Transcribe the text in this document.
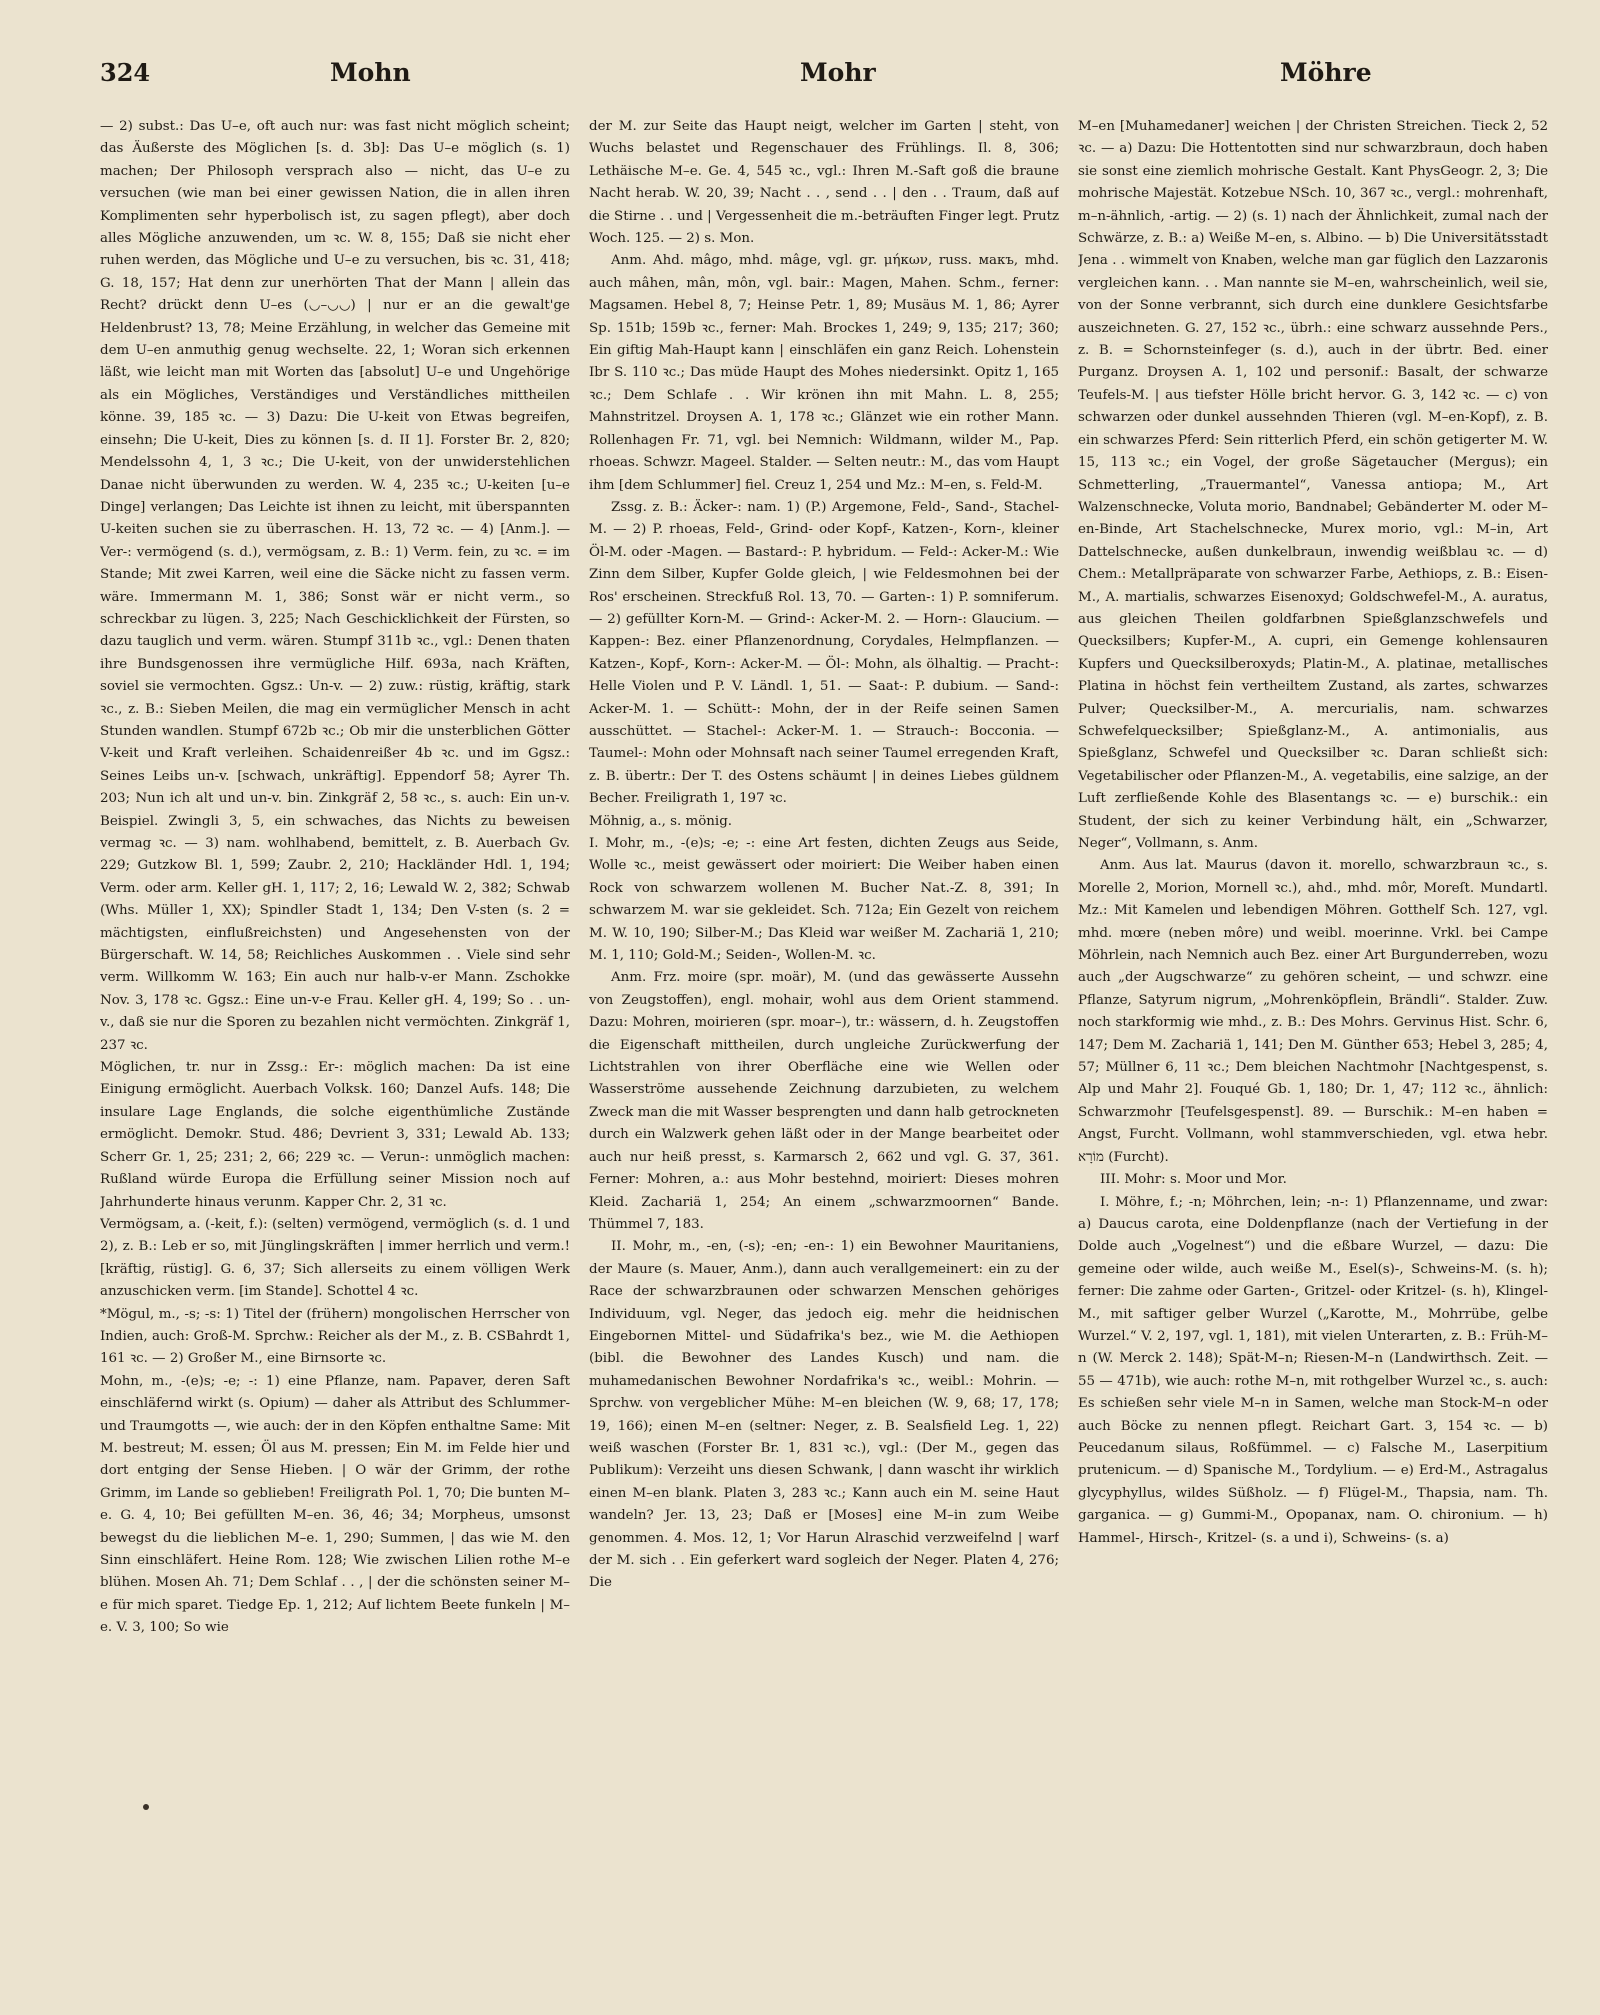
324	Mohn	Mohr	Möhre

— 2) subst.: Das U–e, oft auch nur: was fast nicht möglich scheint; das Äußerste des Möglichen [s. d. 3b]: Das U–e möglich (s. 1) machen; Der Philosoph versprach also — nicht, das U–e zu versuchen (wie man bei einer gewissen Nation, die in allen ihren Komplimenten sehr hyperbolisch ist, zu sagen pflegt), aber doch alles Mögliche anzuwenden, um ꝛc. W. 8, 155; Daß sie nicht eher ruhen werden, das Mögliche und U–e zu versuchen, bis ꝛc. 31, 418; G. 18, 157; Hat denn zur unerhörten That der Mann | allein das Recht? drückt denn U–es (◡–◡◡) | nur er an die gewalt'ge Heldenbrust? 13, 78; Meine Erzählung, in welcher das Gemeine mit dem U–en anmuthig genug wechselte. 22, 1; Woran sich erkennen läßt, wie leicht man mit Worten das [absolut] U–e und Ungehörige als ein Mögliches, Verständiges und Verständliches mittheilen könne. 39, 185 ꝛc. — 3) Dazu: Die U-keit von Etwas begreifen, einsehn; Die U-keit, Dies zu können [s. d. II 1]. Forster Br. 2, 820; Mendelssohn 4, 1, 3 ꝛc.; Die U-keit, von der unwiderstehlichen Danae nicht überwunden zu werden. W. 4, 235 ꝛc.; U-keiten [u–e Dinge] verlangen; Das Leichte ist ihnen zu leicht, mit überspannten U-keiten suchen sie zu überraschen. H. 13, 72 ꝛc. — 4) [Anm.]. — Ver-: vermögend (s. d.), vermögsam, z. B.: 1) Verm. fein, zu ꝛc. = im Stande; Mit zwei Karren, weil eine die Säcke nicht zu fassen verm. wäre. Immermann M. 1, 386; Sonst wär er nicht verm., so schreckbar zu lügen. 3, 225; Nach Geschicklichkeit der Fürsten, so dazu tauglich und verm. wären. Stumpf 311b ꝛc., vgl.: Denen thaten ihre Bundsgenossen ihre vermügliche Hilf. 693a, nach Kräften, soviel sie vermochten. Ggsz.: Un-v. — 2) zuw.: rüstig, kräftig, stark ꝛc., z. B.: Sieben Meilen, die mag ein vermüglicher Mensch in acht Stunden wandlen. Stumpf 672b ꝛc.; Ob mir die unsterblichen Götter V-keit und Kraft verleihen. Schaidenreißer 4b ꝛc. und im Ggsz.: Seines Leibs un-v. [schwach, unkräftig]. Eppendorf 58; Ayrer Th. 203; Nun ich alt und un-v. bin. Zinkgräf 2, 58 ꝛc., s. auch: Ein un-v. Beispiel. Zwingli 3, 5, ein schwaches, das Nichts zu beweisen vermag ꝛc. — 3) nam. wohlhabend, bemittelt, z. B. Auerbach Gv. 229; Gutzkow Bl. 1, 599; Zaubr. 2, 210; Hackländer Hdl. 1, 194; Verm. oder arm. Keller gH. 1, 117; 2, 16; Lewald W. 2, 382; Schwab (Whs. Müller 1, XX); Spindler Stadt 1, 134; Den V-sten (s. 2 = mächtigsten, einflußreichsten) und Angesehensten von der Bürgerschaft. W. 14, 58; Reichliches Auskommen . . Viele sind sehr verm. Willkomm W. 163; Ein auch nur halb-v-er Mann. Zschokke Nov. 3, 178 ꝛc. Ggsz.: Eine un-v-e Frau. Keller gH. 4, 199; So . . un-v., daß sie nur die Sporen zu bezahlen nicht vermöchten. Zinkgräf 1, 237 ꝛc.

Möglichen, tr. nur in Zssg.: Er-: möglich machen: Da ist eine Einigung ermöglicht. Auerbach Volksk. 160; Danzel Aufs. 148; Die insulare Lage Englands, die solche eigenthümliche Zustände ermöglicht. Demokr. Stud. 486; Devrient 3, 331; Lewald Ab. 133; Scherr Gr. 1, 25; 231; 2, 66; 229 ꝛc. — Verun-: unmöglich machen: Rußland würde Europa die Erfüllung seiner Mission noch auf Jahrhunderte hinaus verunm. Kapper Chr. 2, 31 ꝛc.

Vermögsam, a. (-keit, f.): (selten) vermögend, vermöglich (s. d. 1 und 2), z. B.: Leb er so, mit Jünglingskräften | immer herrlich und verm.! [kräftig, rüstig]. G. 6, 37; Sich allerseits zu einem völligen Werk anzuschicken verm. [im Stande]. Schottel 4 ꝛc.

*Mögul, m., -s; -s: 1) Titel der (frühern) mongolischen Herrscher von Indien, auch: Groß-M. Sprchw.: Reicher als der M., z. B. CSBahrdt 1, 161 ꝛc. — 2) Großer M., eine Birnsorte ꝛc.

Mohn, m., -(e)s; -e; -: 1) eine Pflanze, nam. Papaver, deren Saft einschläfernd wirkt (s. Opium) — daher als Attribut des Schlummer- und Traumgotts —, wie auch: der in den Köpfen enthaltne Same: Mit M. bestreut; M. essen; Öl aus M. pressen; Ein M. im Felde hier und dort entging der Sense Hieben. | O wär der Grimm, der rothe Grimm, im Lande so geblieben! Freiligrath Pol. 1, 70; Die bunten M–e. G. 4, 10; Bei gefüllten M–en. 36, 46; 34; Morpheus, umsonst bewegst du die lieblichen M–e. 1, 290; Summen, | das wie M. den Sinn einschläfert. Heine Rom. 128; Wie zwischen Lilien rothe M–e blühen. Mosen Ah. 71; Dem Schlaf . . , | der die schönsten seiner M–e für mich sparet. Tiedge Ep. 1, 212; Auf lichtem Beete funkeln | M–e. V. 3, 100; So wie

der M. zur Seite das Haupt neigt, welcher im Garten | steht, von Wuchs belastet und Regenschauer des Frühlings. Il. 8, 306; Lethäische M–e. Ge. 4, 545 ꝛc., vgl.: Ihren M.-Saft goß die braune Nacht herab. W. 20, 39; Nacht . . , send . . | den . . Traum, daß auf die Stirne . . und | Vergessenheit die m.-beträuften Finger legt. Prutz Woch. 125. — 2) s. Mon.

Anm. Ahd. mâgo, mhd. mâge, vgl. gr. μήκων, russ. макъ, mhd. auch mâhen, mân, môn, vgl. bair.: Magen, Mahen. Schm., ferner: Magsamen. Hebel 8, 7; Heinse Petr. 1, 89; Musäus M. 1, 86; Ayrer Sp. 151b; 159b ꝛc., ferner: Mah. Brockes 1, 249; 9, 135; 217; 360; Ein giftig Mah-Haupt kann | einschläfen ein ganz Reich. Lohenstein Ibr S. 110 ꝛc.; Das müde Haupt des Mohes niedersinkt. Opitz 1, 165 ꝛc.; Dem Schlafe . . Wir krönen ihn mit Mahn. L. 8, 255; Mahnstritzel. Droysen A. 1, 178 ꝛc.; Glänzet wie ein rother Mann. Rollenhagen Fr. 71, vgl. bei Nemnich: Wildmann, wilder M., Pap. rhoeas. Schwzr. Mageel. Stalder. — Selten neutr.: M., das vom Haupt ihm [dem Schlummer] fiel. Creuz 1, 254 und Mz.: M–en, s. Feld-M.

Zssg. z. B.: Äcker-: nam. 1) (P.) Argemone, Feld-, Sand-, Stachel-M. — 2) P. rhoeas, Feld-, Grind- oder Kopf-, Katzen-, Korn-, kleiner Öl-M. oder -Magen. — Bastard-: P. hybridum. — Feld-: Acker-M.: Wie Zinn dem Silber, Kupfer Golde gleich, | wie Feldesmohnen bei der Ros' erscheinen. Streckfuß Rol. 13, 70. — Garten-: 1) P. somniferum. — 2) gefüllter Korn-M. — Grind-: Acker-M. 2. — Horn-: Glaucium. — Kappen-: Bez. einer Pflanzenordnung, Corydales, Helmpflanzen. — Katzen-, Kopf-, Korn-: Acker-M. — Öl-: Mohn, als ölhaltig. — Pracht-: Helle Violen und P. V. Ländl. 1, 51. — Saat-: P. dubium. — Sand-: Acker-M. 1. — Schütt-: Mohn, der in der Reife seinen Samen ausschüttet. — Stachel-: Acker-M. 1. — Strauch-: Bocconia. — Taumel-: Mohn oder Mohnsaft nach seiner Taumel erregenden Kraft, z. B. übertr.: Der T. des Ostens schäumt | in deines Liebes güldnem Becher. Freiligrath 1, 197 ꝛc.

Möhnig, a., s. mönig.

I. Mohr, m., -(e)s; -e; -: eine Art festen, dichten Zeugs aus Seide, Wolle ꝛc., meist gewässert oder moiriert: Die Weiber haben einen Rock von schwarzem wollenen M. Bucher Nat.-Z. 8, 391; In schwarzem M. war sie gekleidet. Sch. 712a; Ein Gezelt von reichem M. W. 10, 190; Silber-M.; Das Kleid war weißer M. Zachariä 1, 210; M. 1, 110; Gold-M.; Seiden-, Wollen-M. ꝛc.

Anm. Frz. moire (spr. moär), M. (und das gewässerte Aussehn von Zeugstoffen), engl. mohair, wohl aus dem Orient stammend. Dazu: Mohren, moirieren (spr. moar–), tr.: wässern, d. h. Zeugstoffen die Eigenschaft mittheilen, durch ungleiche Zurückwerfung der Lichtstrahlen von ihrer Oberfläche eine wie Wellen oder Wasserströme aussehende Zeichnung darzubieten, zu welchem Zweck man die mit Wasser besprengten und dann halb getrockneten durch ein Walzwerk gehen läßt oder in der Mange bearbeitet oder auch nur heiß presst, s. Karmarsch 2, 662 und vgl. G. 37, 361. Ferner: Mohren, a.: aus Mohr bestehnd, moiriert: Dieses mohren Kleid. Zachariä 1, 254; An einem „schwarzmoornen“ Bande. Thümmel 7, 183.

II. Mohr, m., -en, (-s); -en; -en-: 1) ein Bewohner Mauritaniens, der Maure (s. Mauer, Anm.), dann auch verallgemeinert: ein zu der Race der schwarzbraunen oder schwarzen Menschen gehöriges Individuum, vgl. Neger, das jedoch eig. mehr die heidnischen Eingebornen Mittel- und Südafrika's bez., wie M. die Aethiopen (bibl. die Bewohner des Landes Kusch) und nam. die muhamedanischen Bewohner Nordafrika's ꝛc., weibl.: Mohrin. — Sprchw. von vergeblicher Mühe: M–en bleichen (W. 9, 68; 17, 178; 19, 166); einen M–en (seltner: Neger, z. B. Sealsfield Leg. 1, 22) weiß waschen (Forster Br. 1, 831 ꝛc.), vgl.: (Der M., gegen das Publikum): Verzeiht uns diesen Schwank, | dann wascht ihr wirklich einen M–en blank. Platen 3, 283 ꝛc.; Kann auch ein M. seine Haut wandeln? Jer. 13, 23; Daß er [Moses] eine M–in zum Weibe genommen. 4. Mos. 12, 1; Vor Harun Alraschid verzweifelnd | warf der M. sich . . Ein geferkert ward sogleich der Neger. Platen 4, 276; Die

M–en [Muhamedaner] weichen | der Christen Streichen. Tieck 2, 52 ꝛc. — a) Dazu: Die Hottentotten sind nur schwarzbraun, doch haben sie sonst eine ziemlich mohrische Gestalt. Kant PhysGeogr. 2, 3; Die mohrische Majestät. Kotzebue NSch. 10, 367 ꝛc., vergl.: mohrenhaft, m–n-ähnlich, -artig. — 2) (s. 1) nach der Ähnlichkeit, zumal nach der Schwärze, z. B.: a) Weiße M–en, s. Albino. — b) Die Universitätsstadt Jena . . wimmelt von Knaben, welche man gar füglich den Lazzaronis vergleichen kann. . . Man nannte sie M–en, wahrscheinlich, weil sie, von der Sonne verbrannt, sich durch eine dunklere Gesichtsfarbe auszeichneten. G. 27, 152 ꝛc., übrh.: eine schwarz aussehnde Pers., z. B. = Schornsteinfeger (s. d.), auch in der übrtr. Bed. einer Purganz. Droysen A. 1, 102 und personif.: Basalt, der schwarze Teufels-M. | aus tiefster Hölle bricht hervor. G. 3, 142 ꝛc. — c) von schwarzen oder dunkel aussehnden Thieren (vgl. M–en-Kopf), z. B. ein schwarzes Pferd: Sein ritterlich Pferd, ein schön getigerter M. W. 15, 113 ꝛc.; ein Vogel, der große Sägetaucher (Mergus); ein Schmetterling, „Trauermantel“, Vanessa antiopa; M., Art Walzenschnecke, Voluta morio, Bandnabel; Gebänderter M. oder M–en-Binde, Art Stachelschnecke, Murex morio, vgl.: M–in, Art Dattelschnecke, außen dunkelbraun, inwendig weißblau ꝛc. — d) Chem.: Metallpräparate von schwarzer Farbe, Aethiops, z. B.: Eisen-M., A. martialis, schwarzes Eisenoxyd; Goldschwefel-M., A. auratus, aus gleichen Theilen goldfarbnen Spießglanzschwefels und Quecksilbers; Kupfer-M., A. cupri, ein Gemenge kohlensauren Kupfers und Quecksilberoxyds; Platin-M., A. platinae, metallisches Platina in höchst fein vertheiltem Zustand, als zartes, schwarzes Pulver; Quecksilber-M., A. mercurialis, nam. schwarzes Schwefelquecksilber; Spießglanz-M., A. antimonialis, aus Spießglanz, Schwefel und Quecksilber ꝛc. Daran schließt sich: Vegetabilischer oder Pflanzen-M., A. vegetabilis, eine salzige, an der Luft zerfließende Kohle des Blasentangs ꝛc. — e) burschik.: ein Student, der sich zu keiner Verbindung hält, ein „Schwarzer, Neger“, Vollmann, s. Anm.

Anm. Aus lat. Maurus (davon it. morello, schwarzbraun ꝛc., s. Morelle 2, Morion, Mornell ꝛc.), ahd., mhd. môr, Moreſt. Mundartl. Mz.: Mit Kamelen und lebendigen Möhren. Gotthelf Sch. 127, vgl. mhd. mœre (neben môre) und weibl. moerinne. Vrkl. bei Campe Möhrlein, nach Nemnich auch Bez. einer Art Burgunderreben, wozu auch „der Augschwarze“ zu gehören scheint, — und schwzr. eine Pflanze, Satyrum nigrum, „Mohrenköpflein, Brändli“. Stalder. Zuw. noch starkformig wie mhd., z. B.: Des Mohrs. Gervinus Hist. Schr. 6, 147; Dem M. Zachariä 1, 141; Den M. Günther 653; Hebel 3, 285; 4, 57; Müllner 6, 11 ꝛc.; Dem bleichen Nachtmohr [Nachtgespenst, s. Alp und Mahr 2]. Fouqué Gb. 1, 180; Dr. 1, 47; 112 ꝛc., ähnlich: Schwarzmohr [Teufelsgespenst]. 89. — Burschik.: M–en haben = Angst, Furcht. Vollmann, wohl stammverschieden, vgl. etwa hebr. מוֹרָא (Furcht).

III. Mohr: s. Moor und Mor.

I. Möhre, f.; -n; Möhrchen, lein; -n-: 1) Pflanzenname, und zwar: a) Daucus carota, eine Doldenpflanze (nach der Vertiefung in der Dolde auch „Vogelnest“) und die eßbare Wurzel, — dazu: Die gemeine oder wilde, auch weiße M., Esel(s)-, Schweins-M. (s. h); ferner: Die zahme oder Garten-, Gritzel- oder Kritzel- (s. h), Klingel-M., mit saftiger gelber Wurzel („Karotte, M., Mohrrübe, gelbe Wurzel.“ V. 2, 197, vgl. 1, 181), mit vielen Unterarten, z. B.: Früh-M–n (W. Merck 2. 148); Spät-M–n; Riesen-M–n (Landwirthsch. Zeit. — 55 — 471b), wie auch: rothe M–n, mit rothgelber Wurzel ꝛc., s. auch: Es schießen sehr viele M–n in Samen, welche man Stock-M–n oder auch Böcke zu nennen pflegt. Reichart Gart. 3, 154 ꝛc. — b) Peucedanum silaus, Roßfümmel. — c) Falsche M., Laserpitium prutenicum. — d) Spanische M., Tordylium. — e) Erd-M., Astragalus glycyphyllus, wildes Süßholz. — f) Flügel-M., Thapsia, nam. Th. garganica. — g) Gummi-M., Opopanax, nam. O. chironium. — h) Hammel-, Hirsch-, Kritzel- (s. a und i), Schweins- (s. a)
